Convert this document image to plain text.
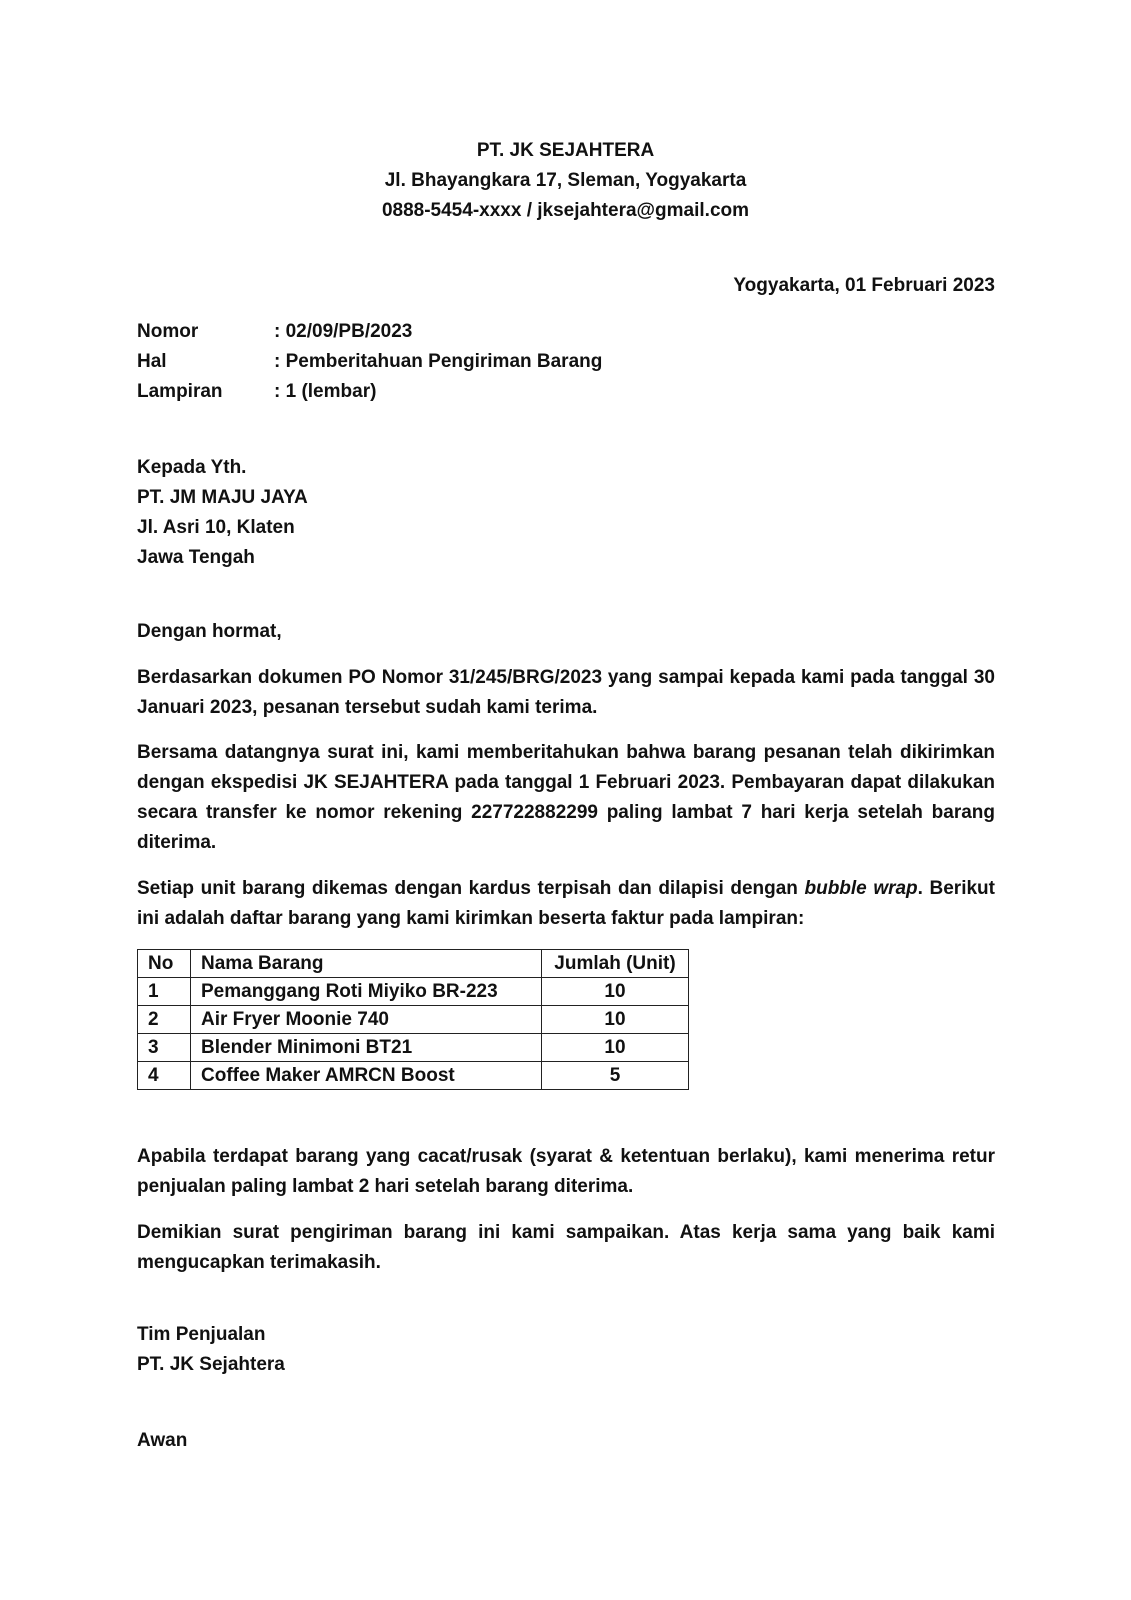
PT. JK SEJAHTERA
Jl. Bhayangkara 17, Sleman, Yogyakarta
0888-5454-xxxx / jksejahtera@gmail.com
Yogyakarta, 01 Februari 2023
Nomor	: 02/09/PB/2023
Hal	: Pemberitahuan Pengiriman Barang
Lampiran	: 1 (lembar)
Kepada Yth.
PT. JM MAJU JAYA
Jl. Asri 10, Klaten
Jawa Tengah
Dengan hormat,
Berdasarkan dokumen PO Nomor 31/245/BRG/2023 yang sampai kepada kami pada tanggal 30 Januari 2023, pesanan tersebut sudah kami terima.
Bersama datangnya surat ini, kami memberitahukan bahwa barang pesanan telah dikirimkan dengan ekspedisi JK SEJAHTERA pada tanggal 1 Februari 2023. Pembayaran dapat dilakukan secara transfer ke nomor rekening 227722882299 paling lambat 7 hari kerja setelah barang diterima.
Setiap unit barang dikemas dengan kardus terpisah dan dilapisi dengan bubble wrap. Berikut ini adalah daftar barang yang kami kirimkan beserta faktur pada lampiran:
No	Nama Barang	Jumlah (Unit)
1	Pemanggang Roti Miyiko BR-223	10
2	Air Fryer Moonie 740	10
3	Blender Minimoni BT21	10
4	Coffee Maker AMRCN Boost	5
Apabila terdapat barang yang cacat/rusak (syarat & ketentuan berlaku), kami menerima retur penjualan paling lambat 2 hari setelah barang diterima.
Demikian surat pengiriman barang ini kami sampaikan. Atas kerja sama yang baik kami mengucapkan terimakasih.
Tim Penjualan
PT. JK Sejahtera
Awan
